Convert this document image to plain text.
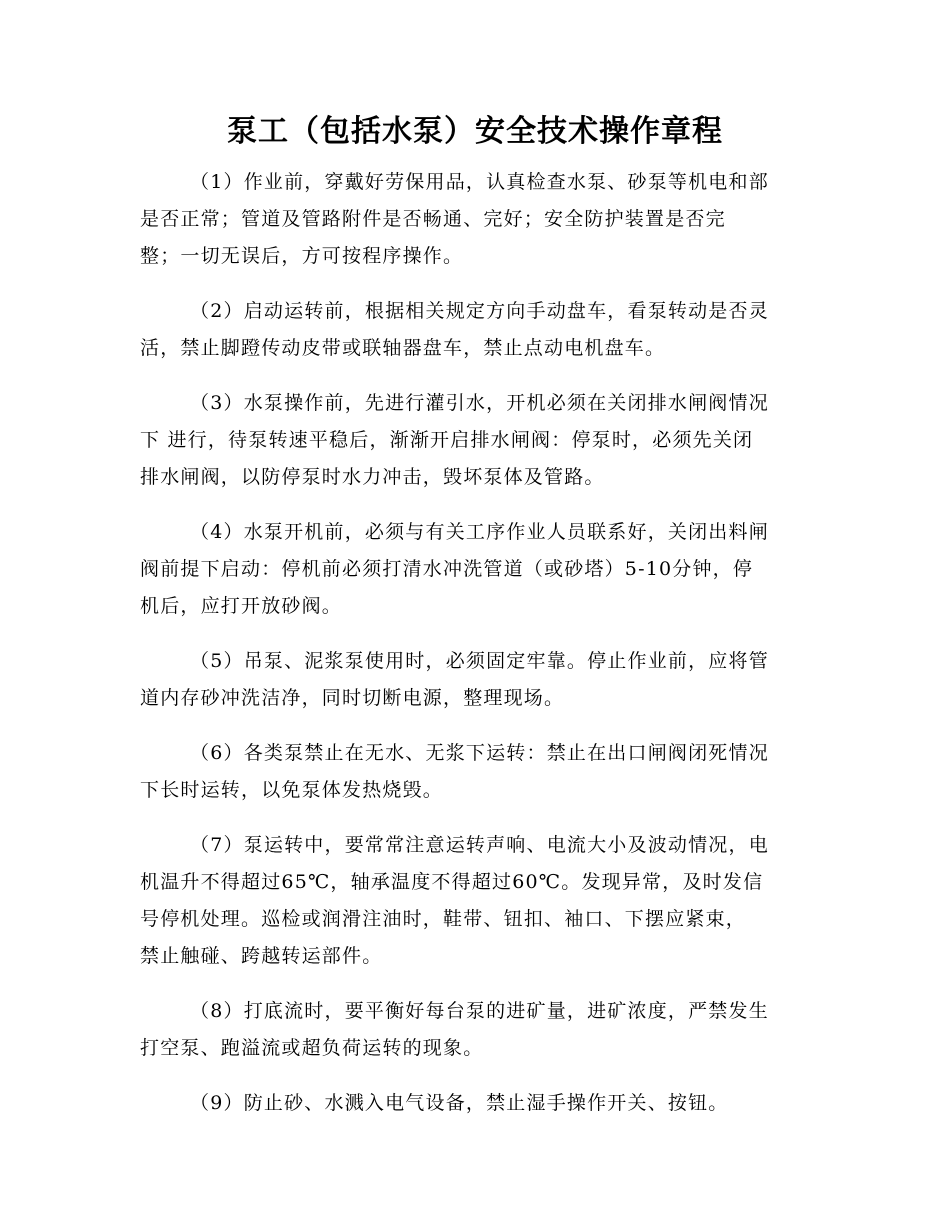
泵工（包括水泵）安全技术操作章程
（1）作业前，穿戴好劳保用品，认真检查水泵、砂泵等机电和部
是否正常；管道及管路附件是否畅通、完好；安全防护装置是否完
整；一切无误后，方可按程序操作。
（2）启动运转前，根据相关规定方向手动盘车，看泵转动是否灵
活，禁止脚蹬传动皮带或联轴器盘车，禁止点动电机盘车。
（3）水泵操作前，先进行灌引水，开机必须在关闭排水闸阀情况
下 进行，待泵转速平稳后，渐渐开启排水闸阀：停泵时，必须先关闭
排水闸阀，以防停泵时水力冲击，毁坏泵体及管路。
（4）水泵开机前，必须与有关工序作业人员联系好，关闭出料闸
阀前提下启动：停机前必须打清水冲洗管道（或砂塔）5-10分钟，停
机后，应打开放砂阀。
（5）吊泵、泥浆泵使用时，必须固定牢靠。停止作业前，应将管
道内存砂冲洗洁净，同时切断电源，整理现场。
（6）各类泵禁止在无水、无浆下运转：禁止在出口闸阀闭死情况
下长时运转，以免泵体发热烧毁。
（7）泵运转中，要常常注意运转声响、电流大小及波动情况，电
机温升不得超过65℃，轴承温度不得超过60℃。发现异常，及时发信
号停机处理。巡检或润滑注油时，鞋带、钮扣、袖口、下摆应紧束，
禁止触碰、跨越转运部件。
（8）打底流时，要平衡好每台泵的进矿量，进矿浓度，严禁发生
打空泵、跑溢流或超负荷运转的现象。
（9）防止砂、水溅入电气设备，禁止湿手操作开关、按钮。
